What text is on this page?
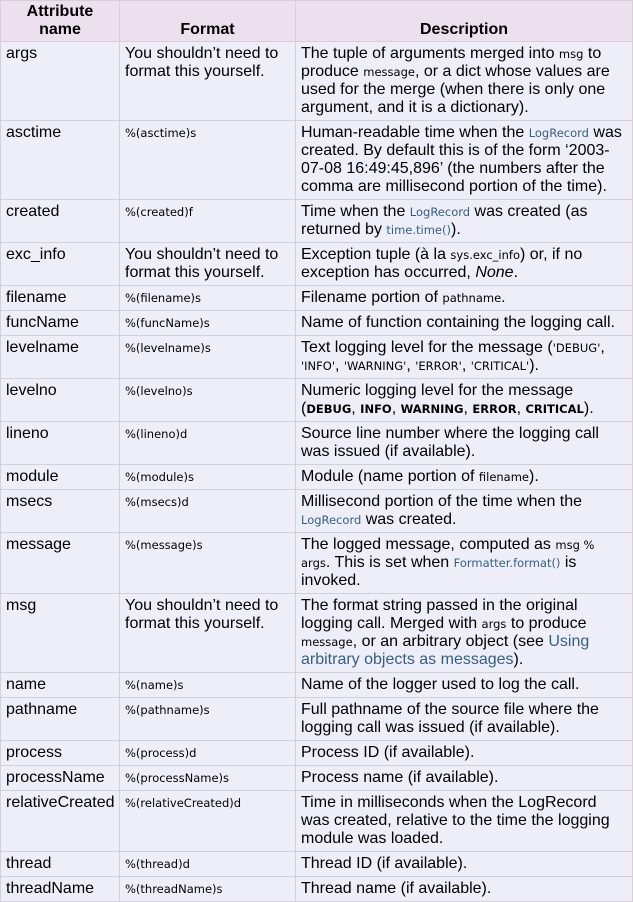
Attribute name	Format	Description
args	You shouldn’t need to format this yourself.	The tuple of arguments merged into msg to produce message, or a dict whose values are used for the merge (when there is only one argument, and it is a dictionary).
asctime	%(asctime)s	Human-readable time when the LogRecord was created. By default this is of the form ‘2003-07-08 16:49:45,896’ (the numbers after the comma are millisecond portion of the time).
created	%(created)f	Time when the LogRecord was created (as returned by time.time()).
exc_info	You shouldn’t need to format this yourself.	Exception tuple (à la sys.exc_info) or, if no exception has occurred, None.
filename	%(filename)s	Filename portion of pathname.
funcName	%(funcName)s	Name of function containing the logging call.
levelname	%(levelname)s	Text logging level for the message ('DEBUG', 'INFO', 'WARNING', 'ERROR', 'CRITICAL').
levelno	%(levelno)s	Numeric logging level for the message (DEBUG, INFO, WARNING, ERROR, CRITICAL).
lineno	%(lineno)d	Source line number where the logging call was issued (if available).
module	%(module)s	Module (name portion of filename).
msecs	%(msecs)d	Millisecond portion of the time when the LogRecord was created.
message	%(message)s	The logged message, computed as msg % args. This is set when Formatter.format() is invoked.
msg	You shouldn’t need to format this yourself.	The format string passed in the original logging call. Merged with args to produce message, or an arbitrary object (see Using arbitrary objects as messages).
name	%(name)s	Name of the logger used to log the call.
pathname	%(pathname)s	Full pathname of the source file where the logging call was issued (if available).
process	%(process)d	Process ID (if available).
processName	%(processName)s	Process name (if available).
relativeCreated	%(relativeCreated)d	Time in milliseconds when the LogRecord was created, relative to the time the logging module was loaded.
thread	%(thread)d	Thread ID (if available).
threadName	%(threadName)s	Thread name (if available).
